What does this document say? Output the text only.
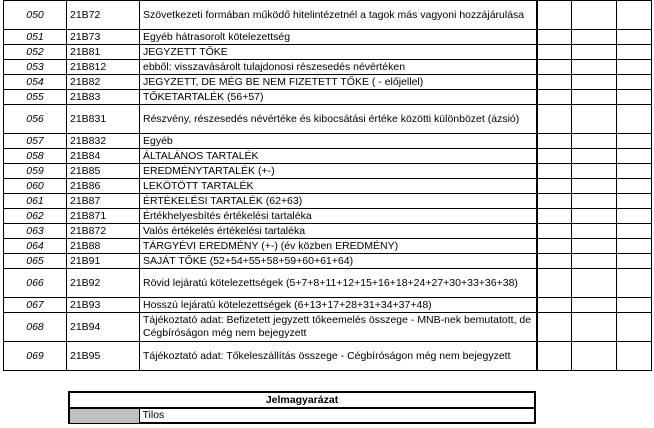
050	21B72	Szövetkezeti formában működő hitelintézetnél a tagok más vagyoni hozzájárulása			
051	21B73	Egyéb hátrasorolt kötelezettség			
052	21B81	JEGYZETT TŐKE			
053	21B812	ebből: visszavásárolt tulajdonosi részesedés névértéken			
054	21B82	JEGYZETT, DE MÉG BE NEM FIZETETT TŐKE ( - előjellel)			
055	21B83	TŐKETARTALÉK (56+57)			
056	21B831	Részvény, részesedés névértéke és kibocsátási értéke közötti különbözet (ázsió)			
057	21B832	Egyéb			
058	21B84	ÁLTALÁNOS TARTALÉK			
059	21B85	EREDMÉNYTARTALÉK (+-)			
060	21B86	LEKÖTÖTT TARTALÉK			
061	21B87	ÉRTÉKELÉSI TARTALÉK (62+63)			
062	21B871	Értékhelyesbítés értékelési tartaléka			
063	21B872	Valós értékelés értékelési tartaléka			
064	21B88	TÁRGYÉVI EREDMÉNY (+-) (év közben EREDMÉNY)			
065	21B91	SAJÁT TŐKE (52+54+55+58+59+60+61+64)			
066	21B92	Rövid lejáratú kötelezettségek (5+7+8+11+12+15+16+18+24+27+30+33+36+38)			
067	21B93	Hosszú lejáratú kötelezettségek (6+13+17+28+31+34+37+48)			
068	21B94	Tájékoztató adat: Befizetett jegyzett tőkeemelés összege - MNB-nek bemutatott, de Cégbíróságon még nem bejegyzett			
069	21B95	Tájékoztató adat: Tőkeleszállítás összege - Cégbíróságon még nem bejegyzett			
Jelmagyarázat
	Tilos
